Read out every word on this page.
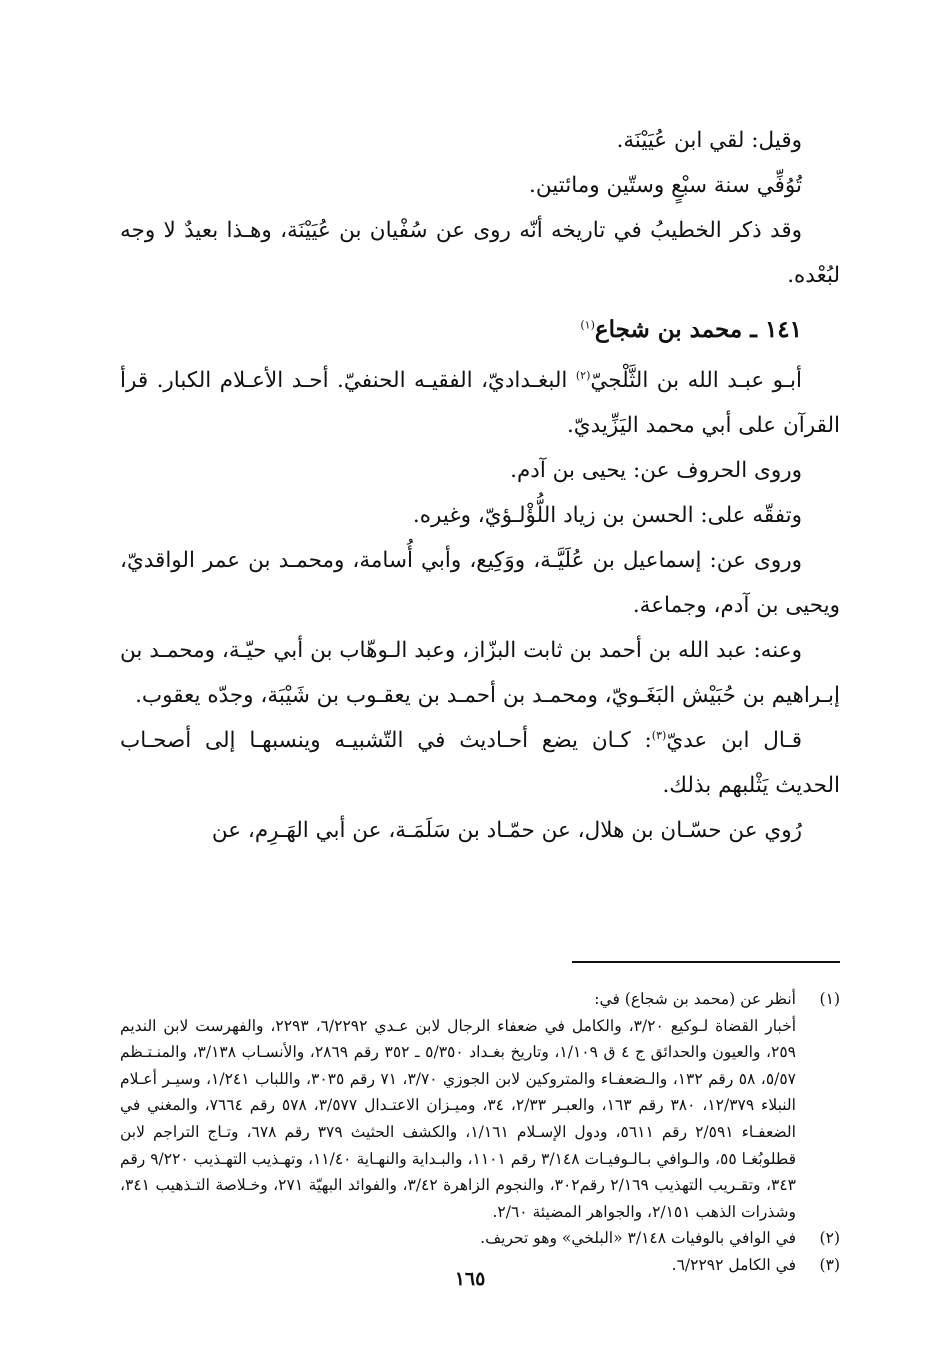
وقيل: لقي ابن عُيَيْنَة.

تُوُفِّي سنة سبْعٍ وستّين ومائتين.

وقد ذكر الخطيبُ في تاريخه أنّه روى عن سُفْيان بن عُيَيْنَة، وهـذا بعيدٌ لا وجه لبُعْده.

١٤١ ـ محمد بن شجاع$^{(١)}$

أبـو عبـد الله بن الثَّلْجيّ$^{(٢)}$ البغـداديّ، الفقيـه الحنفيّ. أحـد الأعـلام الكبار. قرأ القرآن على أبي محمد اليَزِّيديّ.

وروى الحروف عن: يحيى بن آدم.

وتفقّه على: الحسن بن زياد اللُّؤْلـؤيّ، وغيره.

وروى عن: إسماعيل بن عُلَيَّـة، ووَكِيع، وأبي أُسامة، ومحمـد بن عمر الواقديّ، ويحيى بن آدم، وجماعة.

وعنه: عبد الله بن أحمد بن ثابت البزّاز، وعبد الـوهّاب بن أبي حيّـة، ومحمـد بن إبـراهيم بن حُبَيْش البَغَـويّ، ومحمـد بن أحمـد بن يعقـوب بن شَيْبَة، وجدّه يعقوب.

قـال ابن عديّ$^{(٣)}$: كـان يضع أحـاديث في التّشبيـه وينسبهـا إلى أصحـاب الحديث يَثْلبهم بذلك.

رُوي عن حسّـان بن هلال، عن حمّـاد بن سَلَمَـة، عن أبي الهَـرِم، عن

(١)
أنظر عن (محمد بن شجاع) في:
أخبار القضاة لـوكيع ٣/٢٠، والكامل في ضعفاء الرجال لابن عـدي ٦/٢٢٩٢، ٢٢٩٣، والفهرست لابن النديم ٢٥٩، والعيون والحدائق ج ٤ ق ١/١٠٩، وتاريخ بغـداد ٥/٣٥٠ ـ ٣٥٢ رقم ٢٨٦٩، والأنسـاب ٣/١٣٨، والمنـتـظم ٥/٥٧، ٥٨ رقم ١٣٢، والـضعفـاء والمتروكين لابن الجوزي ٣/٧٠، ٧١ رقم ٣٠٣٥، واللباب ١/٢٤١، وسيـر أعـلام النبلاء ١٢/٣٧٩، ٣٨٠ رقم ١٦٣، والعبـر ٢/٣٣، ٣٤، وميـزان الاعتـدال ٣/٥٧٧، ٥٧٨ رقم ٧٦٦٤، والمغني في الضعفـاء ٢/٥٩١ رقم ٥٦١١، ودول الإسـلام ١/١٦١، والكشف الحثيث ٣٧٩ رقم ٦٧٨، وتـاج التراجم لابن قطلوبُغـا ٥٥، والـوافي بـالـوفيـات ٣/١٤٨ رقم ١١٠١، والبـداية والنهـاية ١١/٤٠، وتهـذيب التهـذيب ٩/٢٢٠ رقم ٣٤٣، وتقـريب التهذيب ٢/١٦٩ رقم٣٠٢، والنجوم الزاهرة ٣/٤٢، والفوائد البهيّة ٢٧١، وخـلاصة التـذهيب ٣٤١، وشذرات الذهب ٢/١٥١، والجواهر المضيئة ٢/٦٠.
(٢)
في الوافي بالوفيات ٣/١٤٨ «البلخي» وهو تحريف.
(٣)
في الكامل ٦/٢٢٩٢.
١٦٥
